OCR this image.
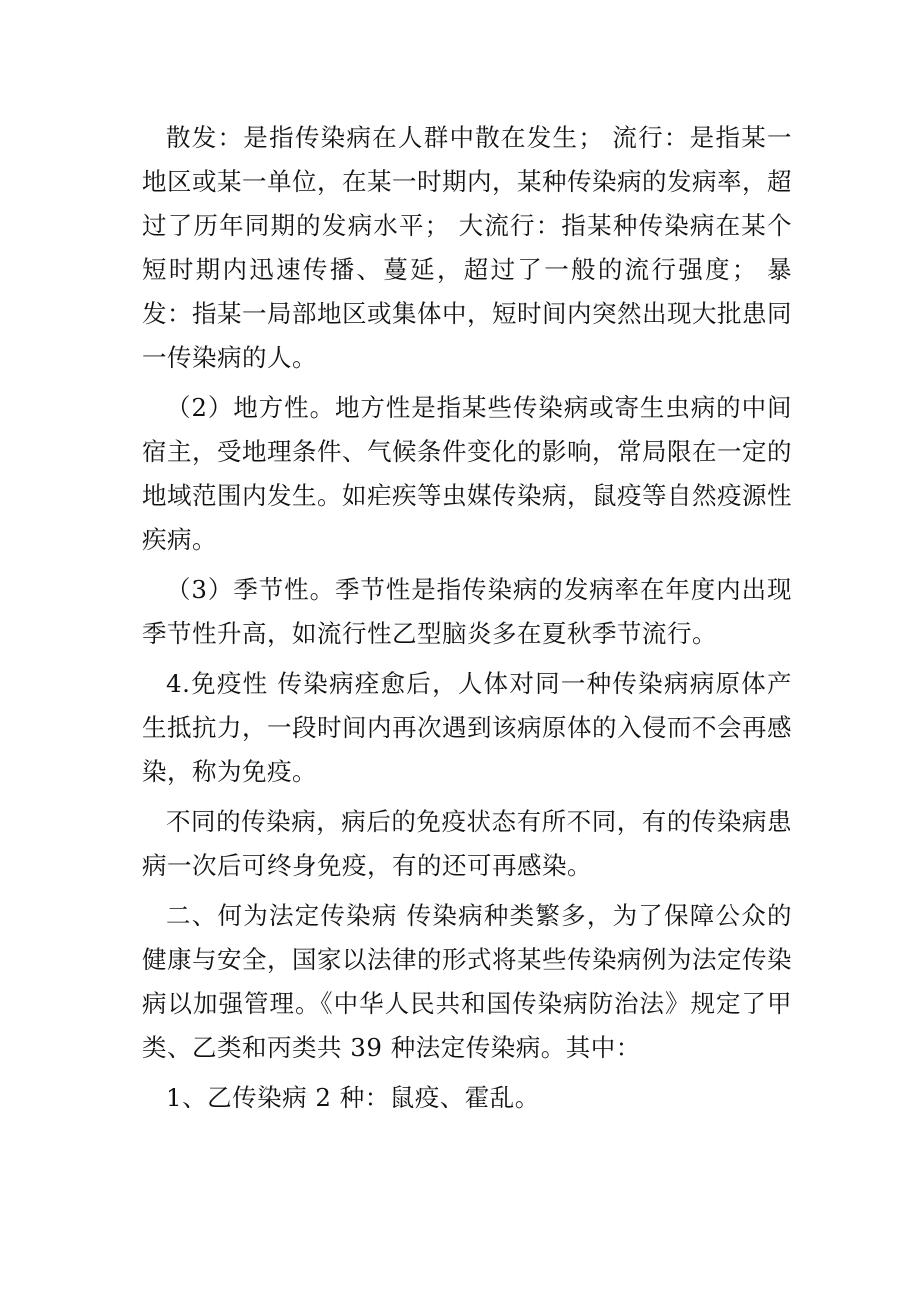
散发：是指传染病在人群中散在发生； 流行：是指某一地区或某一单位，在某一时期内，某种传染病的发病率，超过了历年同期的发病水平； 大流行：指某种传染病在某个短时期内迅速传播、蔓延，超过了一般的流行强度； 暴发：指某一局部地区或集体中，短时间内突然出现大批患同一传染病的人。

（2）地方性。地方性是指某些传染病或寄生虫病的中间宿主，受地理条件、气候条件变化的影响，常局限在一定的地域范围内发生。如疟疾等虫媒传染病，鼠疫等自然疫源性疾病。

（3）季节性。季节性是指传染病的发病率在年度内出现季节性升高，如流行性乙型脑炎多在夏秋季节流行。

4.免疫性 传染病痊愈后，人体对同一种传染病病原体产生抵抗力，一段时间内再次遇到该病原体的入侵而不会再感染，称为免疫。

不同的传染病，病后的免疫状态有所不同，有的传染病患病一次后可终身免疫，有的还可再感染。

二、何为法定传染病 传染病种类繁多，为了保障公众的健康与安全，国家以法律的形式将某些传染病例为法定传染病以加强管理。《中华人民共和国传染病防治法》规定了甲类、乙类和丙类共 39 种法定传染病。其中：

1、乙传染病 2 种：鼠疫、霍乱。
